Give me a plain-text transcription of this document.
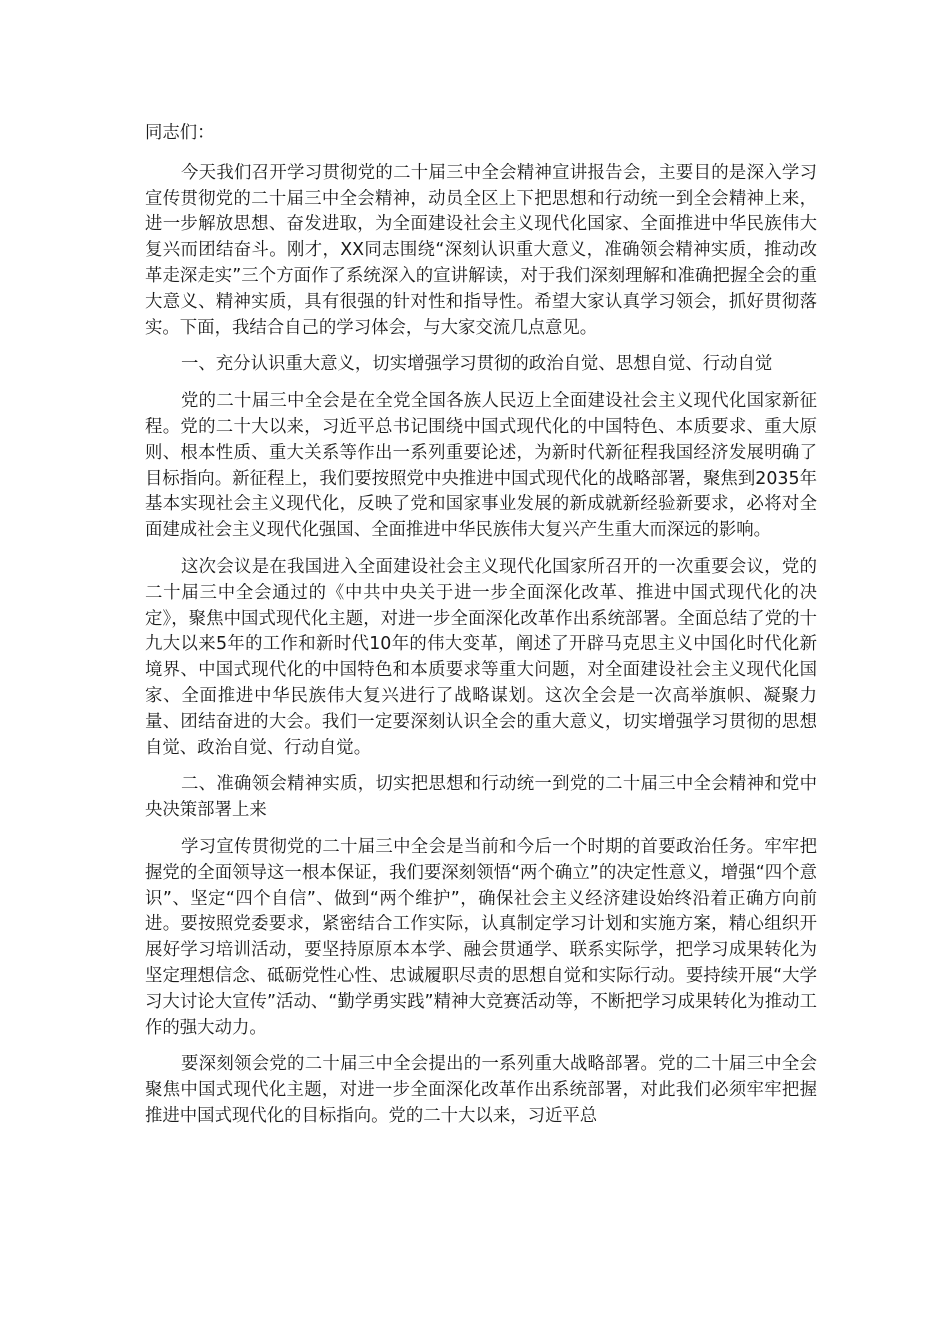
同志们：

今天我们召开学习贯彻党的二十届三中全会精神宣讲报告会，主要目的是深入学习宣传贯彻党的二十届三中全会精神，动员全区上下把思想和行动统一到全会精神上来，进一步解放思想、奋发进取，为全面建设社会主义现代化国家、全面推进中华民族伟大复兴而团结奋斗。刚才，XX同志围绕“深刻认识重大意义，准确领会精神实质，推动改革走深走实”三个方面作了系统深入的宣讲解读，对于我们深刻理解和准确把握全会的重大意义、精神实质，具有很强的针对性和指导性。希望大家认真学习领会，抓好贯彻落实。下面，我结合自己的学习体会，与大家交流几点意见。

一、充分认识重大意义，切实增强学习贯彻的政治自觉、思想自觉、行动自觉

党的二十届三中全会是在全党全国各族人民迈上全面建设社会主义现代化国家新征程。党的二十大以来，习近平总书记围绕中国式现代化的中国特色、本质要求、重大原则、根本性质、重大关系等作出一系列重要论述，为新时代新征程我国经济发展明确了目标指向。新征程上，我们要按照党中央推进中国式现代化的战略部署，聚焦到2035年基本实现社会主义现代化，反映了党和国家事业发展的新成就新经验新要求，必将对全面建成社会主义现代化强国、全面推进中华民族伟大复兴产生重大而深远的影响。

这次会议是在我国进入全面建设社会主义现代化国家所召开的一次重要会议，党的二十届三中全会通过的《中共中央关于进一步全面深化改革、推进中国式现代化的决定》，聚焦中国式现代化主题，对进一步全面深化改革作出系统部署。全面总结了党的十九大以来5年的工作和新时代10年的伟大变革，阐述了开辟马克思主义中国化时代化新境界、中国式现代化的中国特色和本质要求等重大问题，对全面建设社会主义现代化国家、全面推进中华民族伟大复兴进行了战略谋划。这次全会是一次高举旗帜、凝聚力量、团结奋进的大会。我们一定要深刻认识全会的重大意义，切实增强学习贯彻的思想自觉、政治自觉、行动自觉。

二、准确领会精神实质，切实把思想和行动统一到党的二十届三中全会精神和党中央决策部署上来

学习宣传贯彻党的二十届三中全会是当前和今后一个时期的首要政治任务。牢牢把握党的全面领导这一根本保证，我们要深刻领悟“两个确立”的决定性意义，增强“四个意识”、坚定“四个自信”、做到“两个维护”，确保社会主义经济建设始终沿着正确方向前进。要按照党委要求，紧密结合工作实际，认真制定学习计划和实施方案，精心组织开展好学习培训活动，要坚持原原本本学、融会贯通学、联系实际学，把学习成果转化为坚定理想信念、砥砺党性心性、忠诚履职尽责的思想自觉和实际行动。要持续开展“大学习大讨论大宣传”活动、“勤学勇实践”精神大竞赛活动等，不断把学习成果转化为推动工作的强大动力。

要深刻领会党的二十届三中全会提出的一系列重大战略部署。党的二十届三中全会聚焦中国式现代化主题，对进一步全面深化改革作出系统部署，对此我们必须牢牢把握推进中国式现代化的目标指向。党的二十大以来，习近平总
